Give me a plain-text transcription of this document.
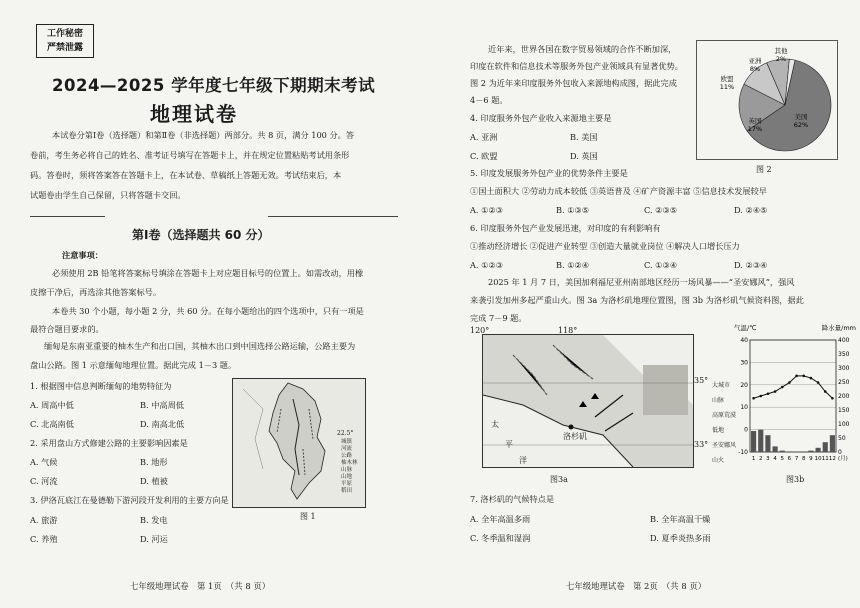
工作秘密
严禁泄露
2024—2025 学年度七年级下期期末考试
地理试卷
本试卷分第Ⅰ卷（选择题）和第Ⅱ卷（非选择题）两部分。共 8 页，满分 100 分。答
卷前，考生务必将自己的姓名、准考证号填写在答题卡上，并在规定位置粘贴考试用条形
码。答卷时，须将答案答在答题卡上，在本试卷、草稿纸上答题无效。考试结束后，本
试题卷由学生自己保留，只将答题卡交回。
第Ⅰ卷（选择题共 60 分）
注意事项：
必须使用 2B 铅笔将答案标号填涂在答题卡上对应题目标号的位置上。如需改动，用橡
皮擦干净后，再选涂其他答案标号。
本卷共 30 个小题，每小题 2 分，共 60 分。在每小题给出的四个选项中，只有一项是
最符合题目要求的。
缅甸是东南亚重要的柚木生产和出口国，其柚木出口到中国选择公路运输，公路主要为
盘山公路。图 1 示意缅甸地理位置。据此完成 1－3 题。
1. 根据图中信息判断缅甸的地势特征为
A. 周高中低	B. 中高周低
C. 北高南低	D. 南高北低
2. 采用盘山方式修建公路的主要影响因素是
A. 气候	B. 地形
C. 河流	D. 植被
3. 伊洛瓦底江在曼德勒下游河段开发利用的主要方向是
A. 旅游	B. 发电
C. 养殖	D. 河运
22.5°
城镇
河流
公路
柚木林
山脉
山地
平原
稻田
图 1
七年级地理试卷　第 1页　（共 8 页）
近年来，世界各国在数字贸易领域的合作不断加深，
印度在软件和信息技术等服务外包产业领域具有显著优势。
图 2 为近年来印度服务外包收入来源地构成图，据此完成
4－6 题。
美国
62%
英国
17%
欧盟
11%
亚洲
8%
其他
2%
图 2
4. 印度服务外包产业收入来源地主要是
A. 亚洲	B. 美国
C. 欧盟	D. 英国
5. 印度发展服务外包产业的优势条件主要是
①国土面积大 ②劳动力成本较低 ③英语普及 ④矿产资源丰富 ⑤信息技术发展较早
A. ①②③	B. ①③⑤	C. ②③⑤	D. ②④⑤
6. 印度服务外包产业发展迅速，对印度的有利影响有
①推动经济增长 ②促进产业转型 ③创造大量就业岗位 ④解决人口增长压力
A. ①②③	B. ①②④	C. ①③④	D. ②③④
2025 年 1 月 7 日，美国加利福尼亚州南部地区经历一场风暴——“圣安娜风”，强风
来袭引发加州多起严重山火。图 3a 为洛杉矶地理位置图，图 3b 为洛杉矶气候资料图，据此
完成 7－9 题。
洛杉矶
太
平
洋
120°	118°
35°
33°
大城市
山脉
高原荒漠
低地
圣安娜风
山火
图3a
气温/℃	降水量/mm
-10
0
10
20
30
40
0
50
100
150
200
250
300
350
400
1 2 3 4 5 6 7 8 9 10 11 12 (月)
图3b
7. 洛杉矶的气候特点是
A. 全年高温多雨	B. 全年高温干燥
C. 冬季温和湿润	D. 夏季炎热多雨
七年级地理试卷　第 2页　（共 8 页）
